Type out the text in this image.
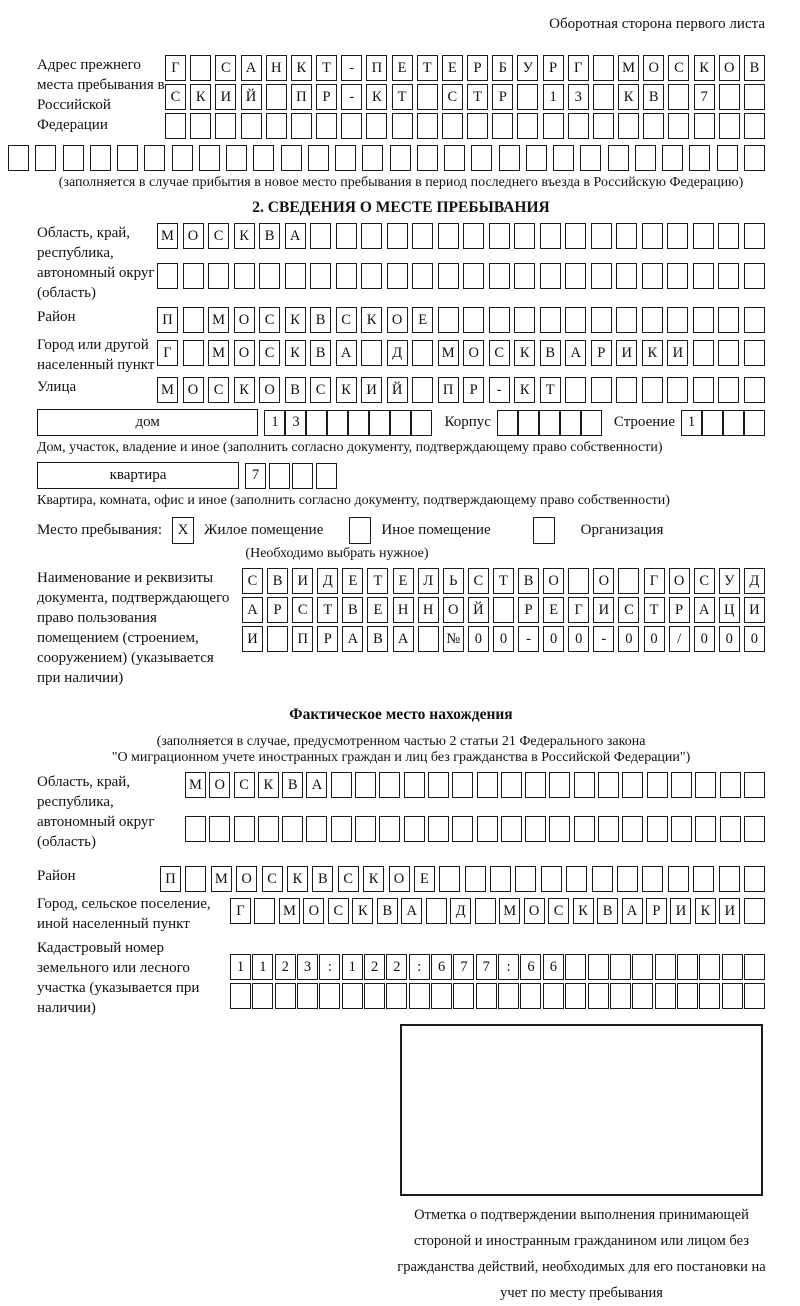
Оборотная сторона первого листа
Адрес прежнего места пребывания в Российской Федерации
Г	С	А	Н	К	Т	-	П	Е	Т	Е	Р	Б	У	Р	Г	М О	С	К	О	В
С	К	И	Й	П	Р	-	К	Т	С	Т	Р	1	3	К	В	7
(заполняется в случае прибытия в новое место пребывания в период последнего въезда в Российскую Федерацию)
2. СВЕДЕНИЯ О МЕСТЕ ПРЕБЫВАНИЯ
Область, край, республика, автономный округ (область)
М О	С	К	В	А
Район	П	М О	С	К	В	С	К	О	Е
Город или другой населенный пункт
Г	М О	С	К	В	А	Д	М О	С	К	В	А	Р	И	К	И
Улица	М О	С	К	О	В	С	К	И	Й	П	Р	-	К	Т
дом	1 3	Корпус	Строение 1
Дом, участок, владение и иное (заполнить согласно документу, подтверждающему право собственности)
квартира	7
Квартира, комната, офис и иное (заполнить согласно документу, подтверждающему право собственности)
Место пребывания:	X	Жилое помещение	Иное помещение	Организация
(Необходимо выбрать нужное)
Наименование и реквизиты документа, подтверждающего право пользования помещением (строением, сооружением) (указывается при наличии)
С	В	И	Д	Е	Т	Е	Л	Ь	С	Т	В	О	О	Г	О	С	У	Д
А	Р	С	Т	В	Е	Н	Н	О	Й	Р	Е	Г	И	С	Т	Р	А	Ц	И
И	П	Р	А	В	А	№	0	0	-	0	0	-	0	0	/	0	0	0
Фактическое место нахождения
(заполняется в случае, предусмотренном частью 2 статьи 21 Федерального закона
"О миграционном учете иностранных граждан и лиц без гражданства в Российской Федерации")
Область, край, республика, автономный округ (область)
М О С	К	В А
Район	П	М О	С	К	В	С	К	О	Е
Город, сельское поселение, иной населенный пункт
Г	М О С	К	В А	Д	М О С	К	В А	Р	И К И
Кадастровый номер земельного или лесного участка (указывается при наличии)
1	1	2	3	:	1	2	2	:	6	7	7	:	6	6
Отметка о подтверждении выполнения принимающей стороной и иностранным гражданином или лицом без гражданства действий, необходимых для его постановки на учет по месту пребывания
